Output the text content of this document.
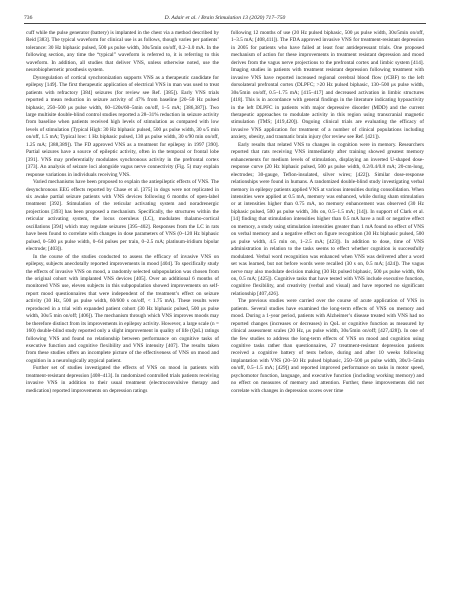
736	D. Adair et al. / Brain Stimulation 13 (2020) 717–750

cuff while the pulse generator (battery) is implanted in the chest via a method described by Reid [383]. The typical waveform for clinical use is as follows, though varies per patients’ tolerance: 30 Hz biphasic pulsed, 500 μs pulse width, 30s/5min on/off, 0.2–3.0 mA. In the following section, any time the “typical” waveform is referred to, it is referring to this waveform. In addition, all studies that deliver VNS, unless otherwise noted, use the neurobiophernetic prosthesis system.

Dysregulation of cortical synchronization supports VNS as a therapeutic candidate for epilepsy [149]. The first therapeutic application of electrical VNS in man was used to treat patients with refractory [384] seizures (for review see Ref. [385]). Early VNS trials reported a mean reduction in seizure activity of 47% from baseline [20–50 Hz pulsed biphasic, 250–500 μs pulse width, 60–120s/60–5min on/off, 1–5 mA; [386,387]). Two large multisite double-blind control studies reported a 28–31% reduction in seizure activity from baseline when patients received high levels of stimulation as compared with low levels of stimulation (Typical High: 30 Hz biphasic pulsed, 500 μs pulse width, 30 s/5 min on/off, 1.5 mA; Typical low: 1 Hz biphasic pulsed, 130 μs pulse width, 30 s/90 min on/off, 1.25 mA; [388,389]). The FD approved VNS as a treatment for epilepsy in 1997 [390]. Partial seizures have a source of epileptic activity, often in the temporal or frontal lobe [391]. VNS may preferentially modulates synchronous activity in the prefrontal cortex [373]. An analysis of seizure loci alongside vagus nerve connectivity (Fig. 5) may explain response variations in individuals receiving VNS.

Varied mechanisms have been proposed to explain the antiepileptic effects of VNS. The desynchronous EEG effects reported by Chase et al. [375] in dogs were not replicated in six awake partial seizure patients with VNS devices following 6 months of open-label treatment [392]. Stimulation of the reticular activating system and noradrenergic projections [393] has been proposed a mechanism. Specifically, the structures within the reticular activating system, the locus coeruleus (LC), modulates thalamo-cortical oscillations [394] which may regulate seizures [395–402]. Responses from the LC in rats have been found to correlate with changes in dose parameters of VNS (0–120 Hz biphasic pulsed, 0–500 μs pulse width, 0–64 pulses per train, 0–2.5 mA; platinum-iridium bipolar electrode; [403]).

In the course of the studies conducted to assess the efficacy of invasive VNS on epilepsy, subjects anecdotally reported improvements in mood [404]. To specifically study the effects of invasive VNS on mood, a randomly selected subpopulation was chosen from the original cohort with implanted VNS devices [405]. Over an additional 6 months of monitored VNS use, eleven subjects in this subpopulation showed improvements on self-report mood questionnaires that were independent of the treatment’s effect on seizure activity (30 Hz, 500 μs pulse width, 60/600 s on/off, < 1.75 mA). These results were reproduced in a trial with expanded patient cohort (30 Hz biphasic pulsed, 500 μs pulse width, 30s/5 min on/off; [406]). The mechanism through which VNS improves moods may be therefore distinct from its improvements in epilepsy activity. However, a large scale (n = 160) double-blind study reported only a slight improvement in quality of life (QoL) ratings following VNS and found no relationship between performance on cognitive tasks of executive function and cognitive flexibility and VNS intensity [407]. The results taken from these studies offers an incomplete picture of the effectiveness of VNS on mood and cognition in a neurologically atypical patient.

Further set of studies investigated the effects of VNS on mood in patients with treatment-resistant depression [408–413]. In randomized controlled trials patients receiving invasive VNS in addition to their usual treatment (electroconvulsive therapy and medication) reported improvements on depression ratings

following 12 months of use (20 Hz pulsed biphasic, 500 μs pulse width, 30s/5min on/off, 1–3.5 mA; [408,411]). The FDA approved invasive VNS for treatment-resistant depression in 2005 for patients who have failed at least four antidepressant trials. One proposed mechanism of action for these improvements in treatment resistant depression and mood derives from the vagus nerve projections to the prefrontal cortex and limbic system [414]. Imaging studies in patients with treatment resistant depression following treatment with invasive VNS have reported increased regional cerebral blood flow (rCBF) to the left dorsolateral prefrontal cortex (DLPFC; >20 Hz pulsed biphasic, 130–500 μs pulse width, 30s/5min on/off, 0.5–1.75 mA; [415–417] and decreased activation in limbic structures [418]. This is in accordance with general findings in the literature indicating hypoactivity in the left DLPFC in patients with major depressive disorder (MDD) and the current therapeutic approaches to modulate activity in this region using transcranial magnetic stimulation (TMS; [419,420]). Ongoing clinical trials are evaluating the efficacy of invasive VNS application for treatment of a number of clinical populations including anxiety, obesity, and traumatic brain injury (for review see Ref. [421]).

Early results that related VNS to changes in cognition were in memory. Researchers reported that rats receiving VNS immediately after training showed greatest memory enhancements for medium levels of stimulation, displaying an inverted U-shaped dose-response curve (20 Hz biphasic pulsed, 500 μs pulse width, 0.2/0.4/0.8 mA; 20-cm-long, electrodes; 30-gauge, Teflon-insulated, silver wires; [422]). Similar dose-response relationships were found in humans. A randomized double-blind study investigating verbal memory in epilepsy patients applied VNS at various intensities during consolidation. When intensities were applied at 0.5 mA, memory was enhanced, while during sham stimulation or at intensities higher than 0.75 mA, no memory enhancement was observed (30 Hz biphasic pulsed, 500 μs pulse width, 30s on, 0.5–1.5 mA; [14]). In support of Clark et al. [14] finding that stimulation intensities higher than 0.5 mA have a null or negative effect on memory, a study using stimulation intensities greater than 1 mA found no effect of VNS on verbal memory and a negative effect on figure recognition (30 Hz biphasic pulsed, 500 μs pulse width, 4.5 min on, 1–2.5 mA; [423]). In addition to dose, time of VNS administration in relation to the tasks seems to effect whether cognition is successfully modulated. Verbal word recognition was enhanced when VNS was delivered after a word set was learned, but not before words were recalled (30 s on, 0.5 mA; [424]). The vagus nerve may also modulate decision making (30 Hz pulsed biphasic, 500 μs pulse width, 60s on, 0.5 mA; [425]). Cognitive tasks that have tested with VNS include executive function, cognitive flexibility, and creativity (verbal and visual) and have reported no significant relationship [407,426].

The previous studies were carried over the course of acute application of VNS in patients. Several studies have examined the long-term effects of VNS on memory and mood. During a 1-year period, patients with Alzheimer’s disease treated with VNS had no reported changes (increases or decreases) in QoL or cognitive function as measured by clinical assessment scales (20 Hz, μs pulse width, 30s/5min on/off; [427,428]). In one of the few studies to address the long-term effects of VNS on mood and cognition using cognitive tasks rather than questionnaires, 27 treatment-resistant depression patients received a cognitive battery of tests before, during and after 10 weeks following implantation with VNS (20–50 Hz pulsed biphasic, 250–500 μs pulse width, 30s/3–5min on/off, 0.5–1.5 mA; [429]) and reported improved performance on tasks in motor speed, psychomotor function, language, and executive function (including working memory) and no effect on measures of memory and attention. Further, these improvements did not correlate with changes in depression scores over time
